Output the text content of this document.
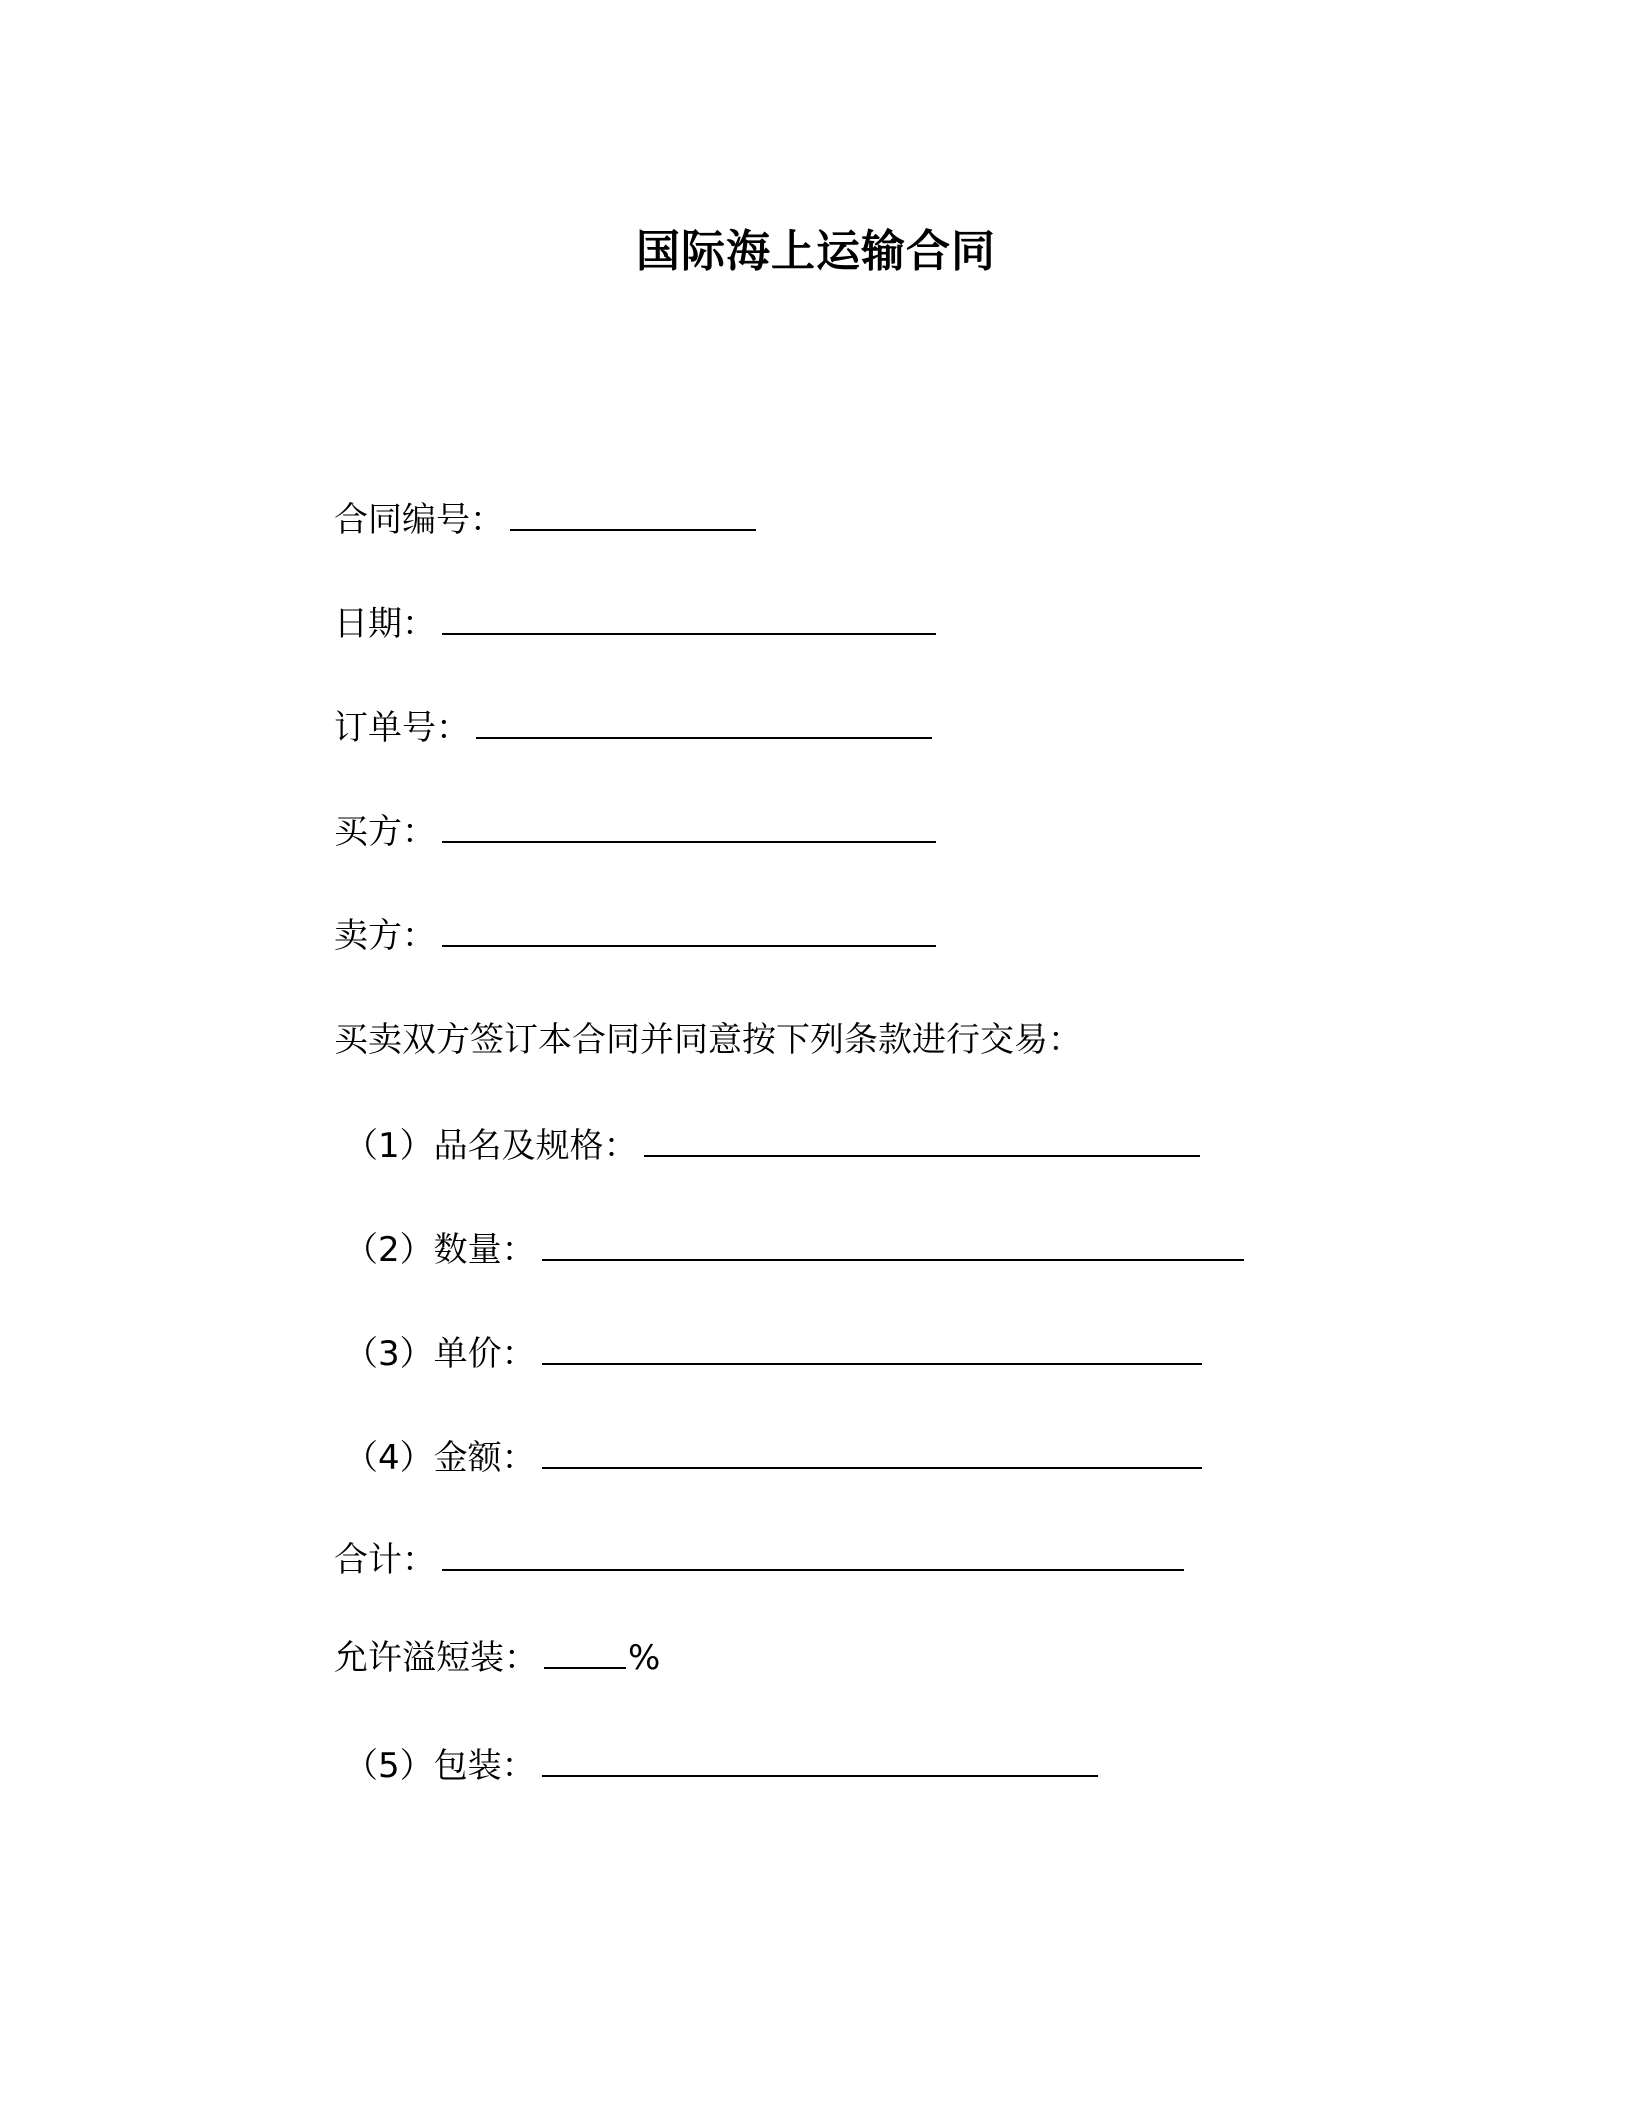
国际海上运输合同
合同编号：
日期：
订单号：
买方：
卖方：
买卖双方签订本合同并同意按下列条款进行交易：
（1）品名及规格：
（2）数量：
（3）单价：
（4）金额：
合计：
允许溢短装：	%
（5）包装：
